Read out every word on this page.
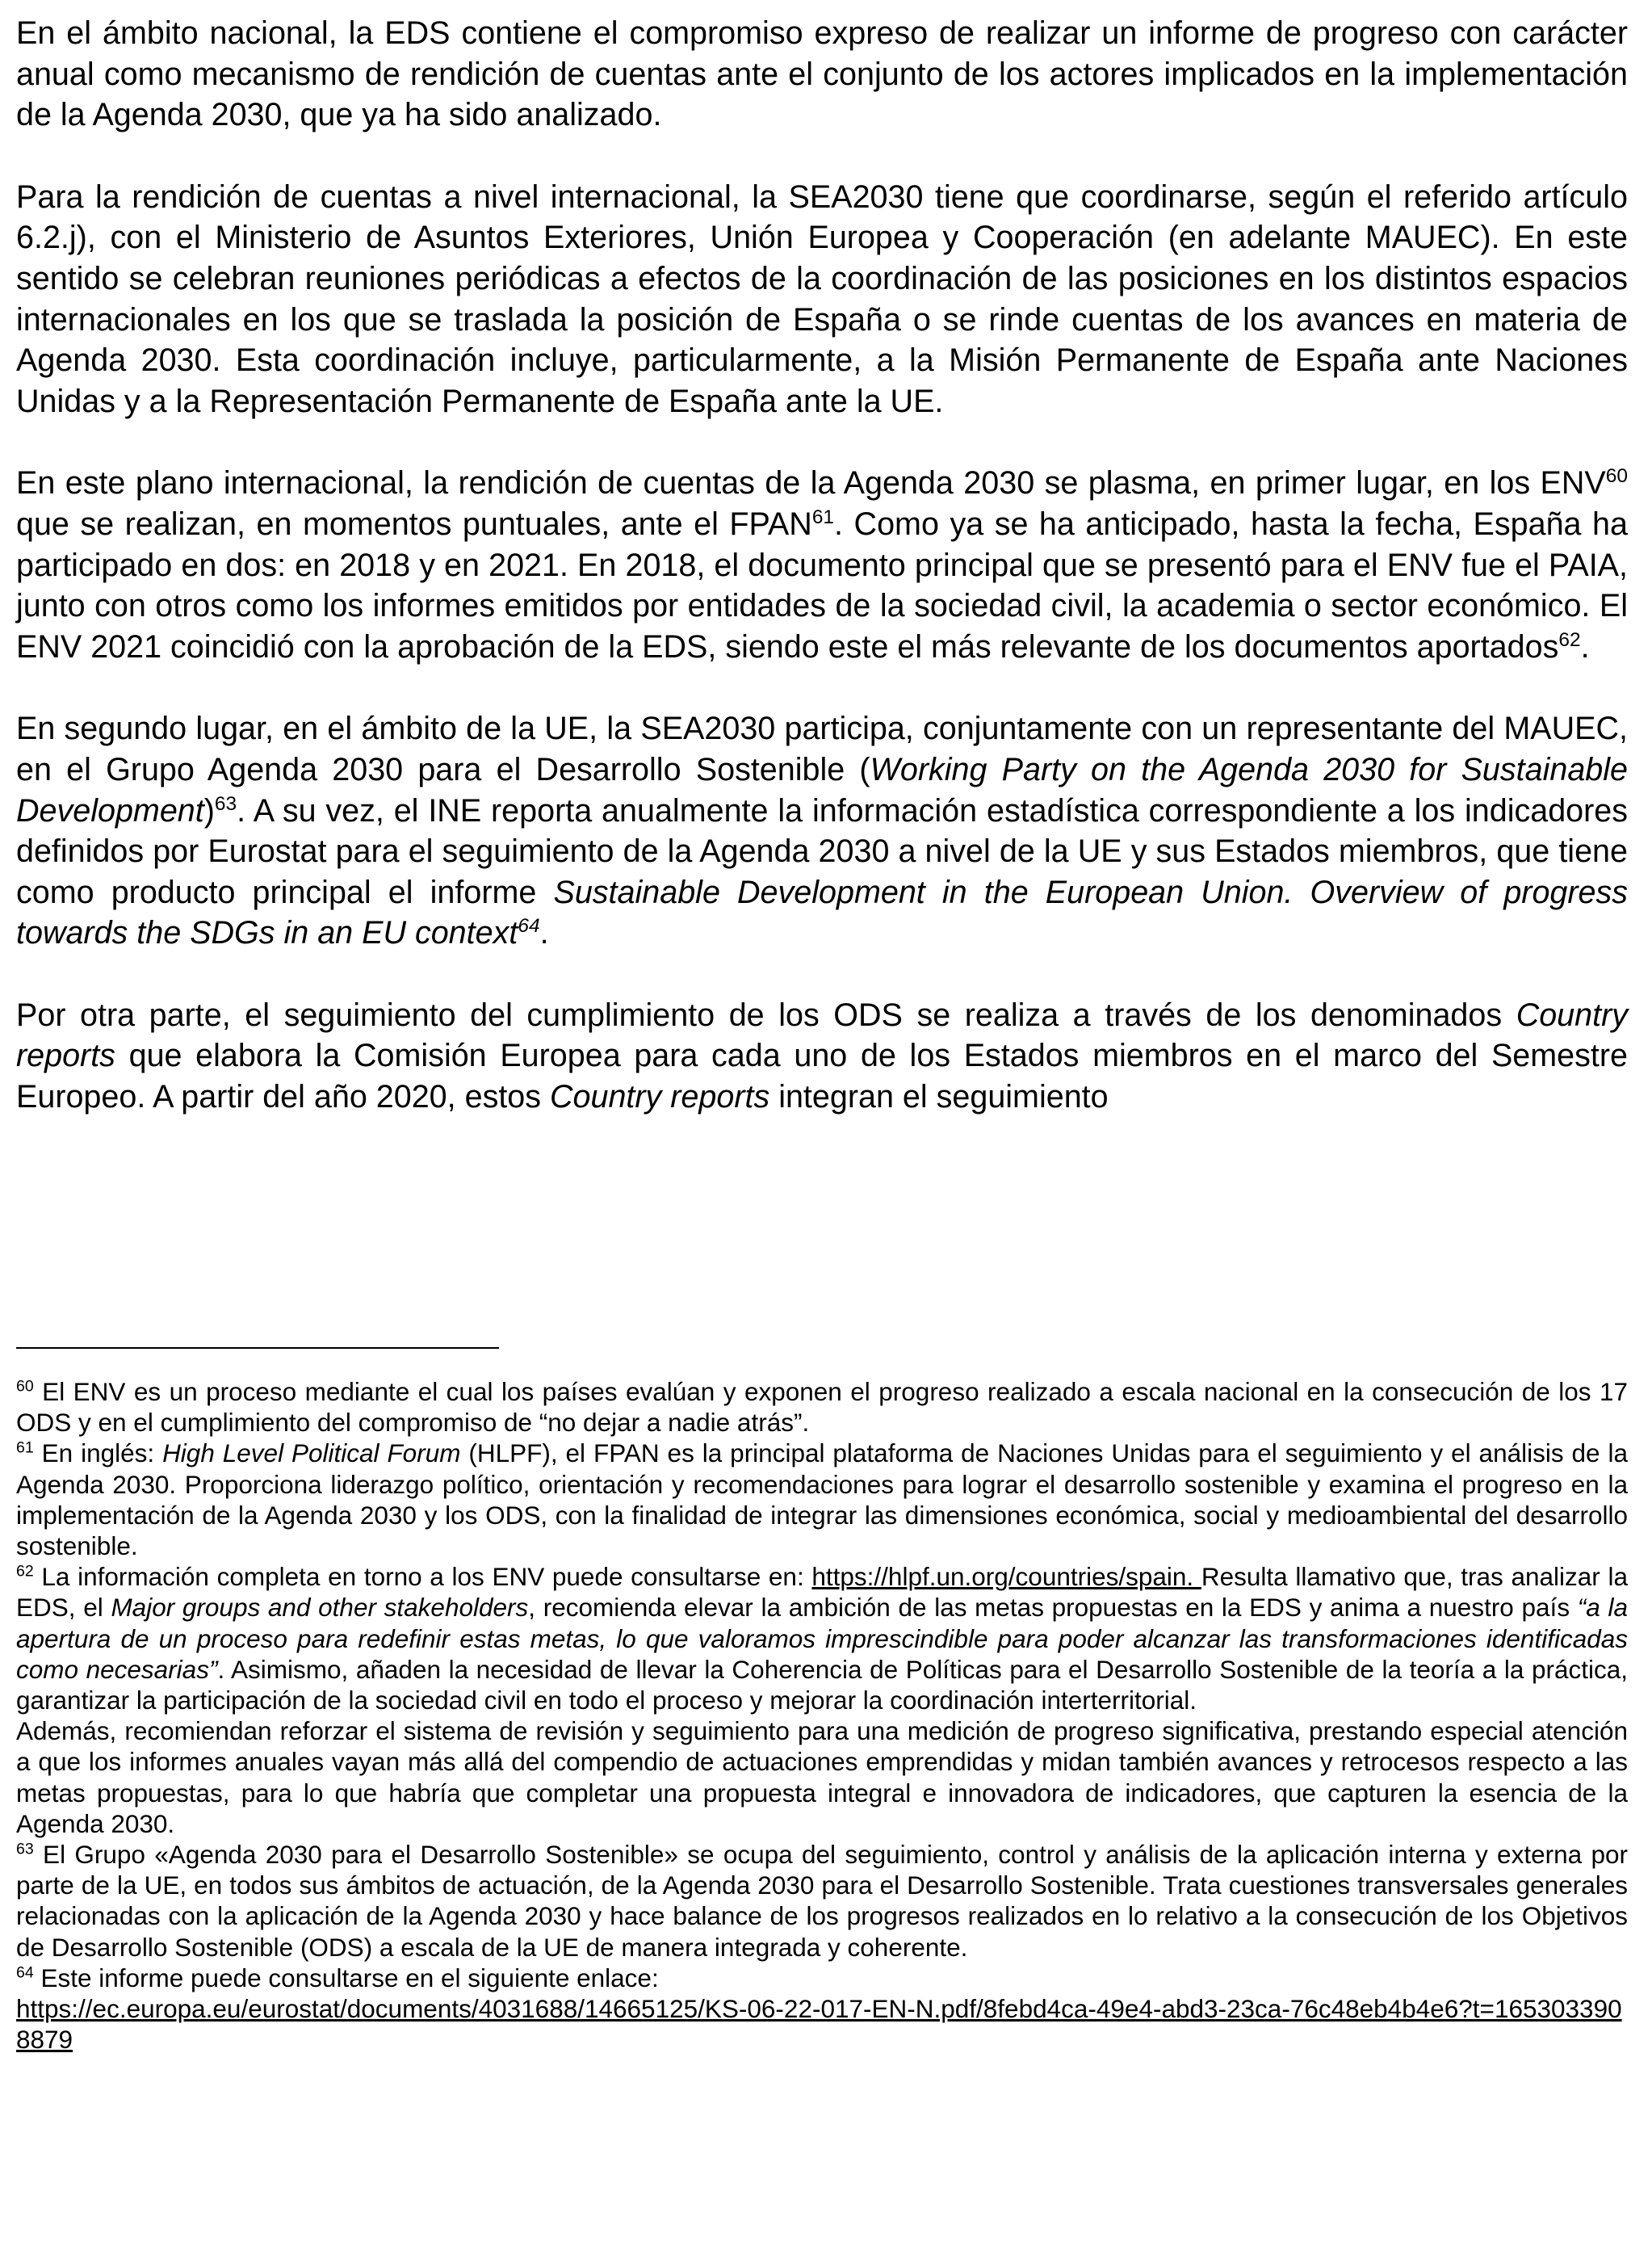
En el ámbito nacional, la EDS contiene el compromiso expreso de realizar un informe de progreso con carácter anual como mecanismo de rendición de cuentas ante el conjunto de los actores implicados en la implementación de la Agenda 2030, que ya ha sido analizado.

Para la rendición de cuentas a nivel internacional, la SEA2030 tiene que coordinarse, según el referido artículo 6.2.j), con el Ministerio de Asuntos Exteriores, Unión Europea y Cooperación (en adelante MAUEC). En este sentido se celebran reuniones periódicas a efectos de la coordinación de las posiciones en los distintos espacios internacionales en los que se traslada la posición de España o se rinde cuentas de los avances en materia de Agenda 2030. Esta coordinación incluye, particularmente, a la Misión Permanente de España ante Naciones Unidas y a la Representación Permanente de España ante la UE.

En este plano internacional, la rendición de cuentas de la Agenda 2030 se plasma, en primer lugar, en los ENV$^{60}$ que se realizan, en momentos puntuales, ante el FPAN$^{61}$. Como ya se ha anticipado, hasta la fecha, España ha participado en dos: en 2018 y en 2021. En 2018, el documento principal que se presentó para el ENV fue el PAIA, junto con otros como los informes emitidos por entidades de la sociedad civil, la academia o sector económico. El ENV 2021 coincidió con la aprobación de la EDS, siendo este el más relevante de los documentos aportados$^{62}$.

En segundo lugar, en el ámbito de la UE, la SEA2030 participa, conjuntamente con un representante del MAUEC, en el Grupo Agenda 2030 para el Desarrollo Sostenible (Working Party on the Agenda 2030 for Sustainable Development)$^{63}$. A su vez, el INE reporta anualmente la información estadística correspondiente a los indicadores definidos por Eurostat para el seguimiento de la Agenda 2030 a nivel de la UE y sus Estados miembros, que tiene como producto principal el informe Sustainable Development in the European Union. Overview of progress towards the SDGs in an EU context$^{64}$.

Por otra parte, el seguimiento del cumplimiento de los ODS se realiza a través de los denominados Country reports que elabora la Comisión Europea para cada uno de los Estados miembros en el marco del Semestre Europeo. A partir del año 2020, estos Country reports integran el seguimiento

$^{60}$ El ENV es un proceso mediante el cual los países evalúan y exponen el progreso realizado a escala nacional en la consecución de los 17 ODS y en el cumplimiento del compromiso de “no dejar a nadie atrás”.

$^{61}$ En inglés: High Level Political Forum (HLPF), el FPAN es la principal plataforma de Naciones Unidas para el seguimiento y el análisis de la Agenda 2030. Proporciona liderazgo político, orientación y recomendaciones para lograr el desarrollo sostenible y examina el progreso en la implementación de la Agenda 2030 y los ODS, con la finalidad de integrar las dimensiones económica, social y medioambiental del desarrollo sostenible.

$^{62}$ La información completa en torno a los ENV puede consultarse en: https://hlpf.un.org/countries/spain. Resulta llamativo que, tras analizar la EDS, el Major groups and other stakeholders, recomienda elevar la ambición de las metas propuestas en la EDS y anima a nuestro país “a la apertura de un proceso para redefinir estas metas, lo que valoramos imprescindible para poder alcanzar las transformaciones identificadas como necesarias”. Asimismo, añaden la necesidad de llevar la Coherencia de Políticas para el Desarrollo Sostenible de la teoría a la práctica, garantizar la participación de la sociedad civil en todo el proceso y mejorar la coordinación interterritorial.

Además, recomiendan reforzar el sistema de revisión y seguimiento para una medición de progreso significativa, prestando especial atención a que los informes anuales vayan más allá del compendio de actuaciones emprendidas y midan también avances y retrocesos respecto a las metas propuestas, para lo que habría que completar una propuesta integral e innovadora de indicadores, que capturen la esencia de la Agenda 2030.

$^{63}$ El Grupo «Agenda 2030 para el Desarrollo Sostenible» se ocupa del seguimiento, control y análisis de la aplicación interna y externa por parte de la UE, en todos sus ámbitos de actuación, de la Agenda 2030 para el Desarrollo Sostenible. Trata cuestiones transversales generales relacionadas con la aplicación de la Agenda 2030 y hace balance de los progresos realizados en lo relativo a la consecución de los Objetivos de Desarrollo Sostenible (ODS) a escala de la UE de manera integrada y coherente.

$^{64}$ Este informe puede consultarse en el siguiente enlace:
https://ec.europa.eu/eurostat/documents/4031688/14665125/KS-06-22-017-EN-N.pdf/8febd4ca-49e4-abd3-23ca-76c48eb4b4e6?t=1653033908879
